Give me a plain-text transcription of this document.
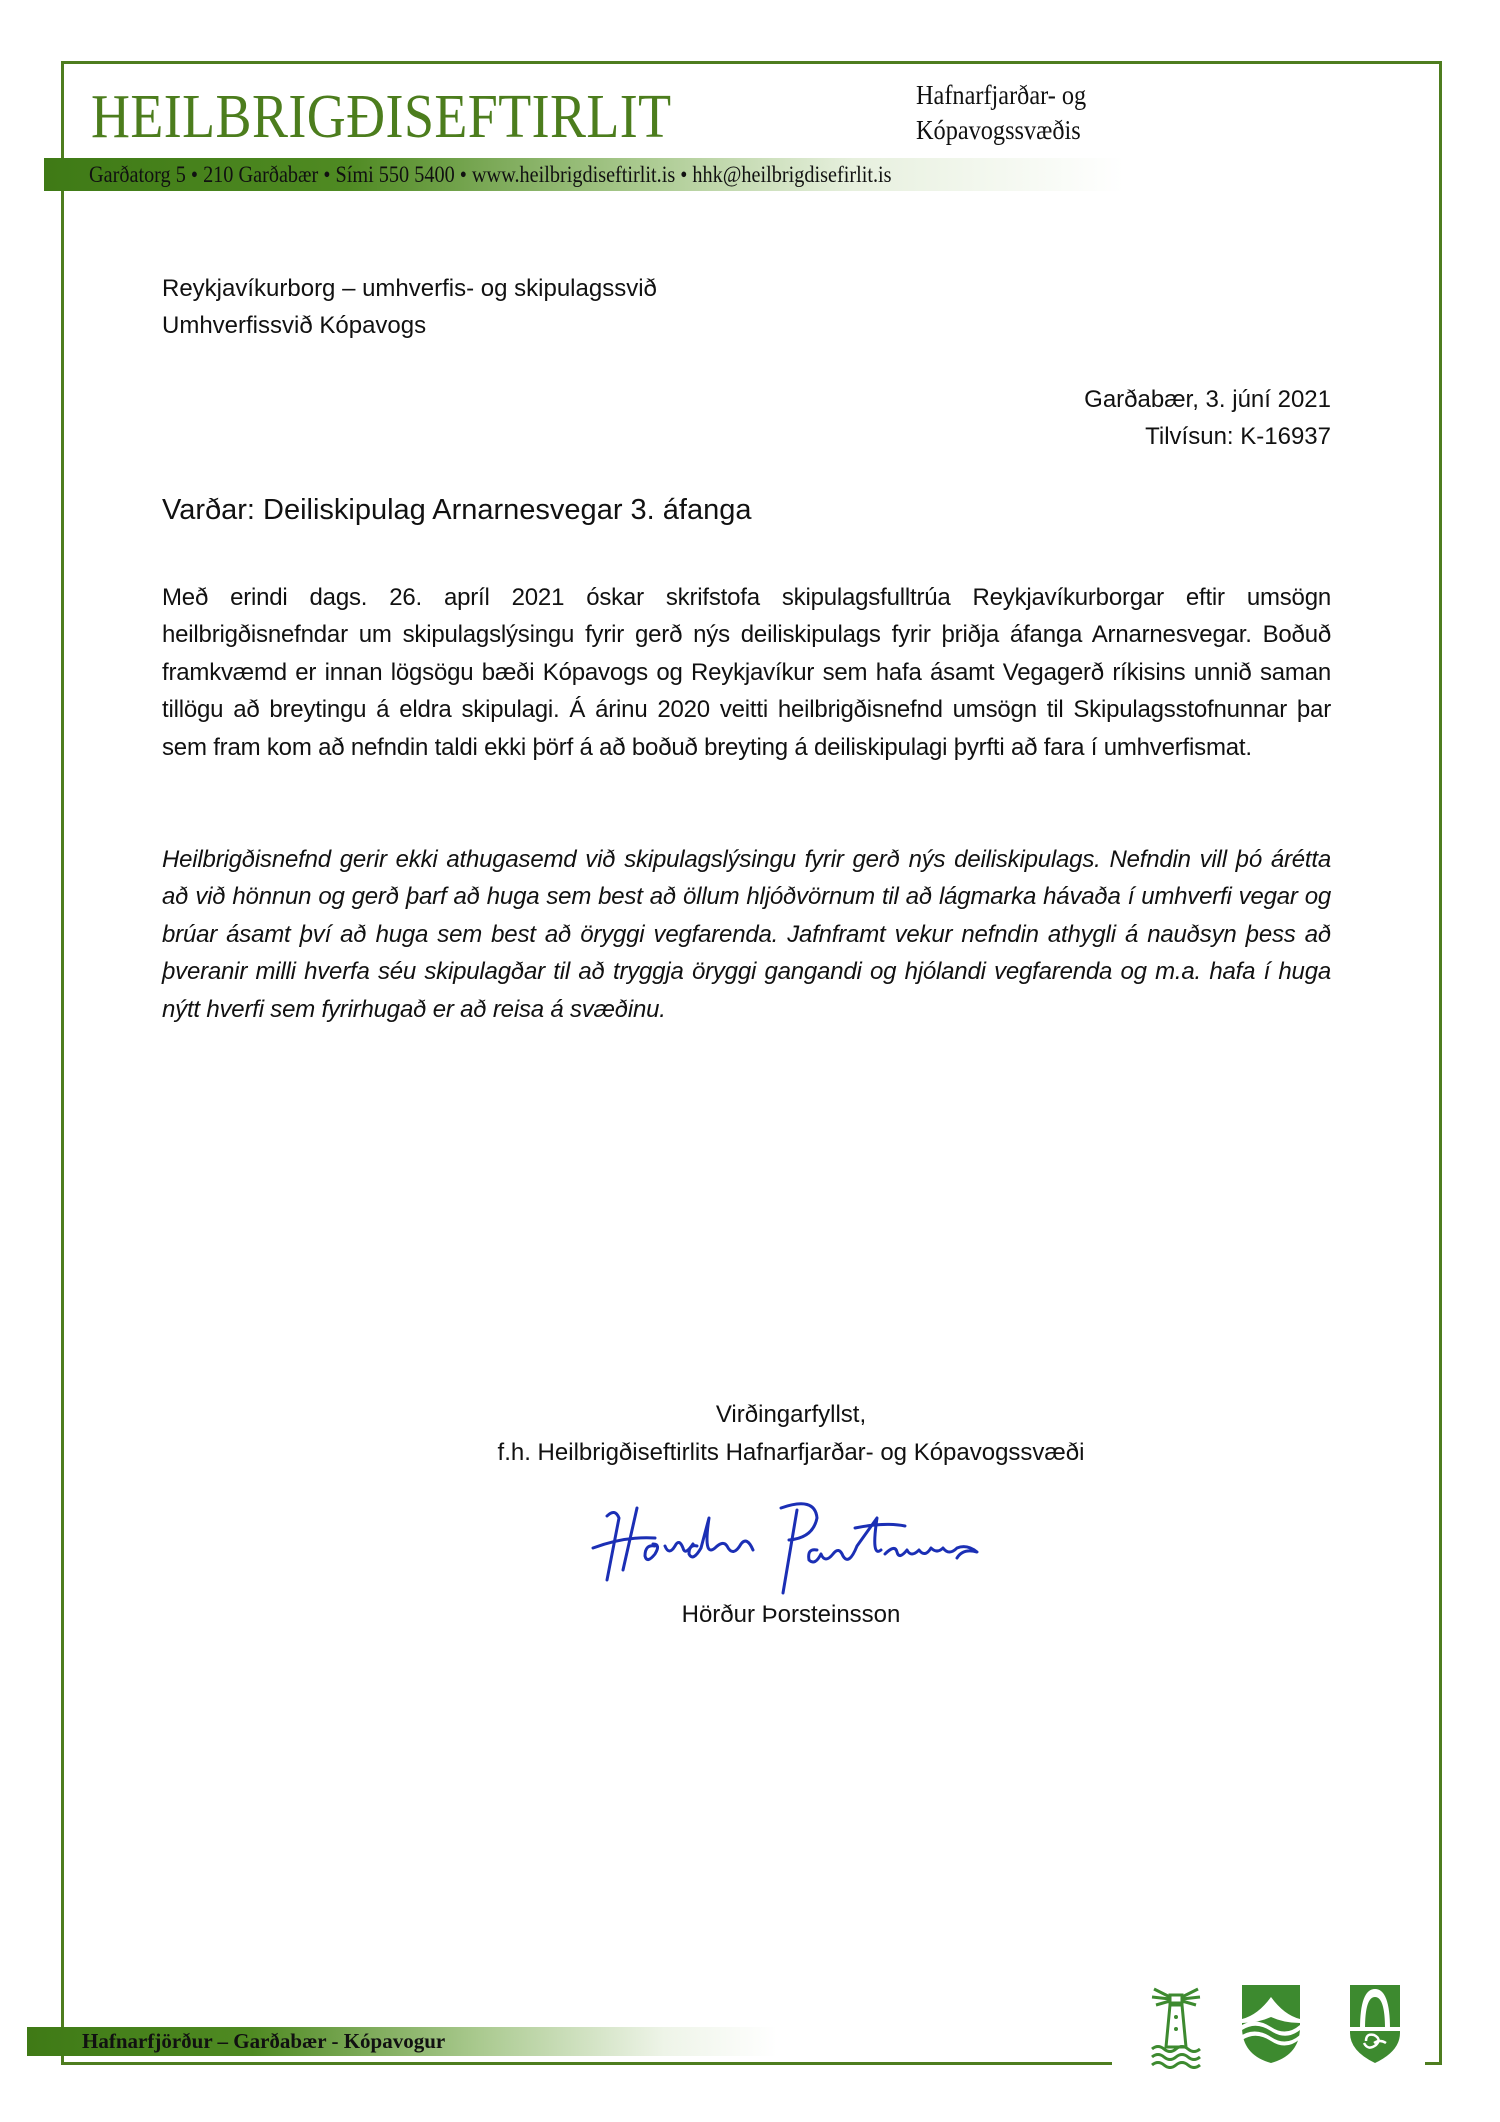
HEILBRIGÐISEFTIRLIT	Hafnarfjarðar- og
Kópavogssvæðis
Garðatorg 5 • 210 Garðabær • Sími 550 5400 • www.heilbrigdiseftirlit.is • hhk@heilbrigdisefirlit.is
Reykjavíkurborg – umhverfis- og skipulagssvið
Umhverfissvið Kópavogs
Garðabær, 3. júní 2021
Tilvísun: K-16937
Varðar: Deiliskipulag Arnarnesvegar 3. áfanga
Með erindi dags. 26. apríl 2021 óskar skrifstofa skipulagsfulltrúa Reykjavíkurborgar eftir umsögn heilbrigðisnefndar um skipulagslýsingu fyrir gerð nýs deiliskipulags fyrir þriðja áfanga Arnarnesvegar. Boðuð framkvæmd er innan lögsögu bæði Kópavogs og Reykjavíkur sem hafa ásamt Vegagerð ríkisins unnið saman tillögu að breytingu á eldra skipulagi. Á árinu 2020 veitti heilbrigðisnefnd umsögn til Skipulagsstofnunnar þar sem fram kom að nefndin taldi ekki þörf á að boðuð breyting á deiliskipulagi þyrfti að fara í umhverfismat.
Heilbrigðisnefnd gerir ekki athugasemd við skipulagslýsingu fyrir gerð nýs deiliskipulags. Nefndin vill þó árétta að við hönnun og gerð þarf að huga sem best að öllum hljóðvörnum til að lágmarka hávaða í umhverfi vegar og brúar ásamt því að huga sem best að öryggi vegfarenda. Jafnframt vekur nefndin athygli á nauðsyn þess að þveranir milli hverfa séu skipulagðar til að tryggja öryggi gangandi og hjólandi vegfarenda og m.a. hafa í huga nýtt hverfi sem fyrirhugað er að reisa á svæðinu.
Virðingarfyllst,
f.h. Heilbrigðiseftirlits Hafnarfjarðar- og Kópavogssvæði
Hörður Þorsteinsson
Hafnarfjörður – Garðabær - Kópavogur
